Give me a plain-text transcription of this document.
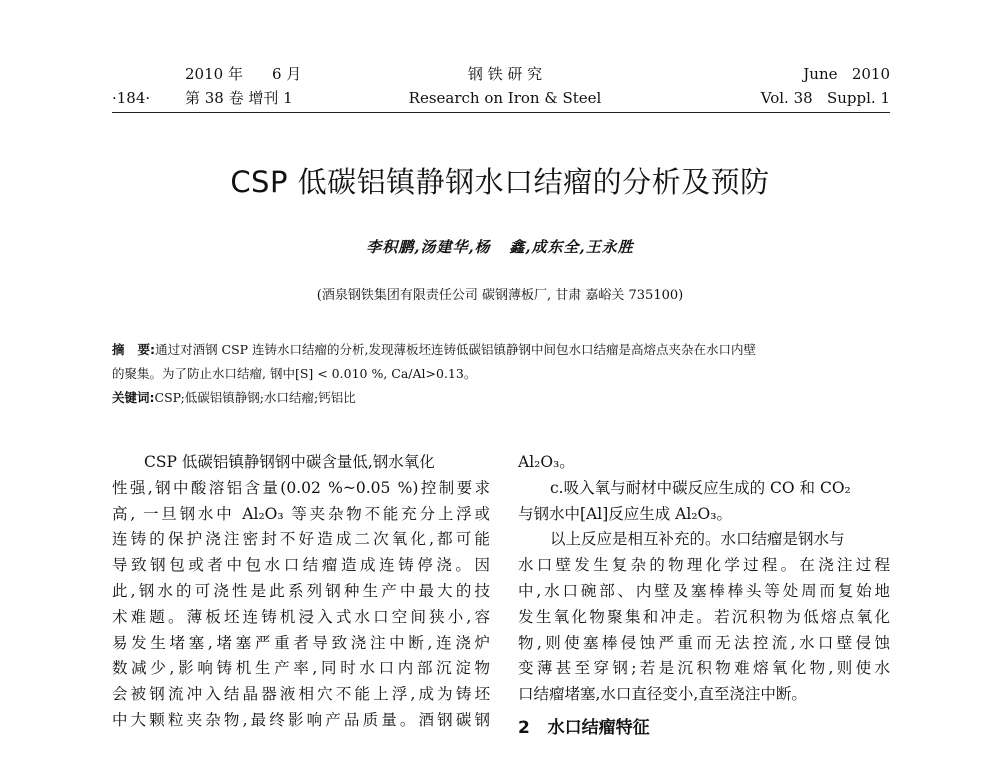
·184·
2010 年 6 月
第 38 卷 增刊 1
钢 铁 研 究
Research on Iron & Steel
June   2010
Vol. 38   Suppl. 1
CSP 低碳铝镇静钢水口结瘤的分析及预防
李积鹏,汤建华,杨   鑫,成东全,王永胜
(酒泉钢铁集团有限责任公司 碳钢薄板厂, 甘肃 嘉峪关 735100)
摘   要:通过对酒钢 CSP 连铸水口结瘤的分析,发现薄板坯连铸低碳铝镇静钢中间包水口结瘤是高熔点夹杂在水口内壁
的聚集。为了防止水口结瘤, 钢中[S] < 0.010 %, Ca/Al>0.13。
关键词:CSP;低碳铝镇静钢;水口结瘤;钙铝比
CSP 低碳铝镇静钢钢中碳含量低,钢水氧化
性强,钢中酸溶铝含量(0.02 %~0.05 %)控制要求
高, 一旦钢水中 Al₂O₃ 等夹杂物不能充分上浮或
连铸的保护浇注密封不好造成二次氧化,都可能
导致钢包或者中包水口结瘤造成连铸停浇。因
此,钢水的可浇性是此系列钢种生产中最大的技
术难题。薄板坯连铸机浸入式水口空间狭小,容
易发生堵塞,堵塞严重者导致浇注中断,连浇炉
数减少,影响铸机生产率,同时水口内部沉淀物
会被钢流冲入结晶器液相穴不能上浮,成为铸坯
中大颗粒夹杂物,最终影响产品质量。酒钢碳钢
Al₂O₃。
c.吸入氧与耐材中碳反应生成的 CO 和 CO₂
与钢水中[Al]反应生成 Al₂O₃。
以上反应是相互补充的。水口结瘤是钢水与
水口壁发生复杂的物理化学过程。在浇注过程
中,水口碗部、内壁及塞棒棒头等处周而复始地
发生氧化物聚集和冲走。若沉积物为低熔点氧化
物,则使塞棒侵蚀严重而无法控流,水口壁侵蚀
变薄甚至穿钢;若是沉积物难熔氧化物,则使水
口结瘤堵塞,水口直径变小,直至浇注中断。
2   水口结瘤特征
